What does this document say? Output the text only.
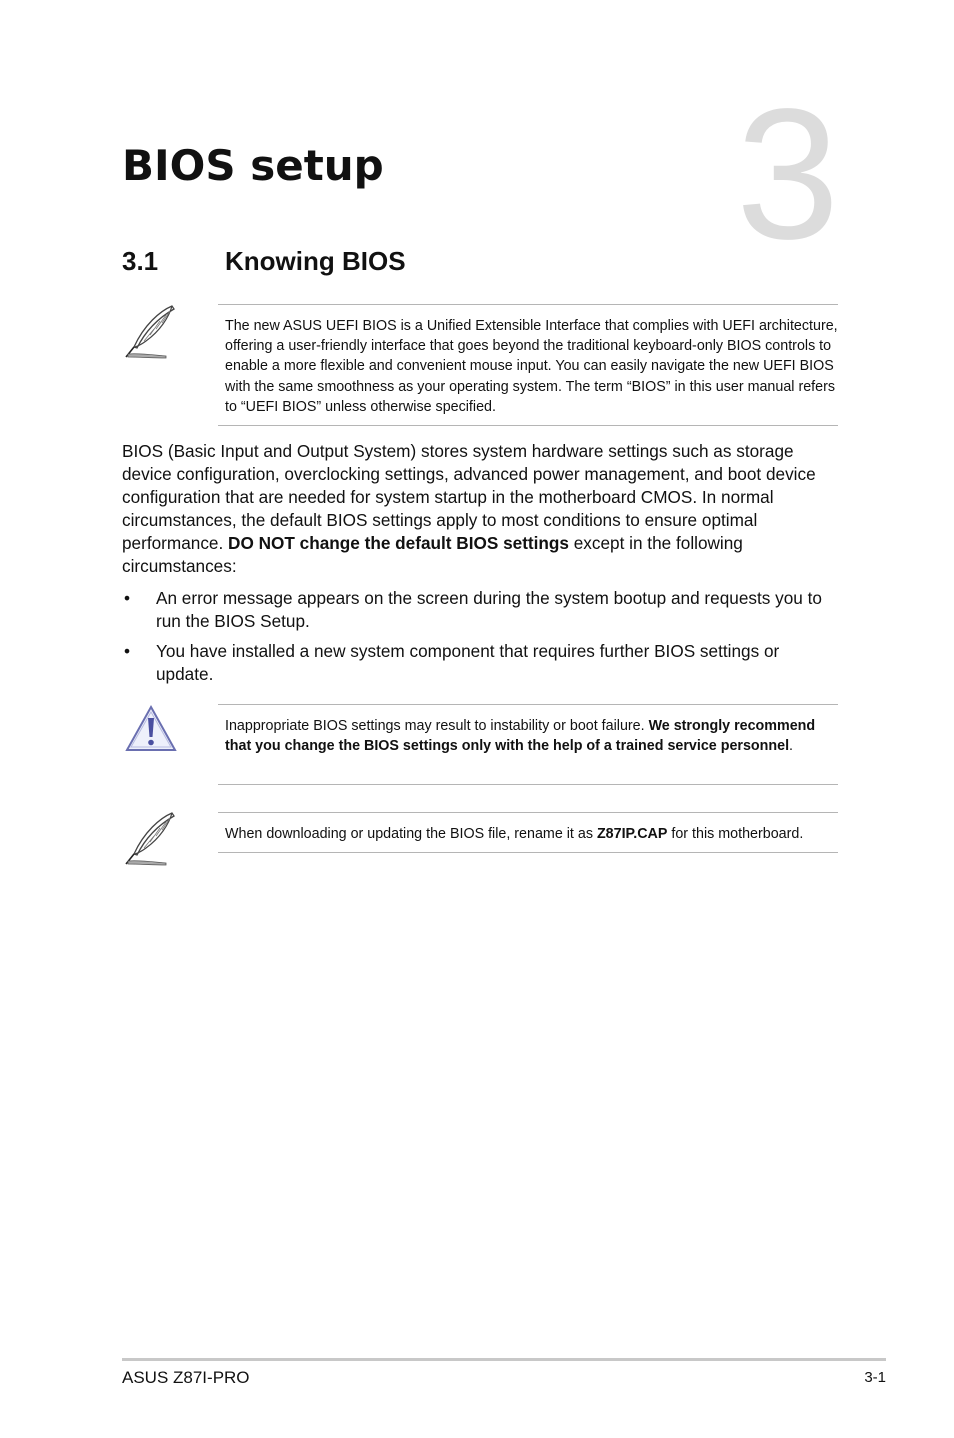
3
BIOS setup
3.1	Knowing BIOS

The new ASUS UEFI BIOS is a Unified Extensible Interface that complies with UEFI architecture, offering a user-friendly interface that goes beyond the traditional keyboard-only BIOS controls to enable a more flexible and convenient mouse input. You can easily navigate the new UEFI BIOS with the same smoothness as your operating system. The term “BIOS” in this user manual refers to “UEFI BIOS” unless otherwise specified.

BIOS (Basic Input and Output System) stores system hardware settings such as storage device configuration, overclocking settings, advanced power management, and boot device configuration that are needed for system startup in the motherboard CMOS. In normal circumstances, the default BIOS settings apply to most conditions to ensure optimal performance. DO NOT change the default BIOS settings except in the following circumstances:

• An error message appears on the screen during the system bootup and requests you to run the BIOS Setup.
• You have installed a new system component that requires further BIOS settings or update.

Inappropriate BIOS settings may result to instability or boot failure. We strongly recommend that you change the BIOS settings only with the help of a trained service personnel.

When downloading or updating the BIOS file, rename it as Z87IP.CAP for this motherboard.

ASUS Z87I-PRO	3-1
